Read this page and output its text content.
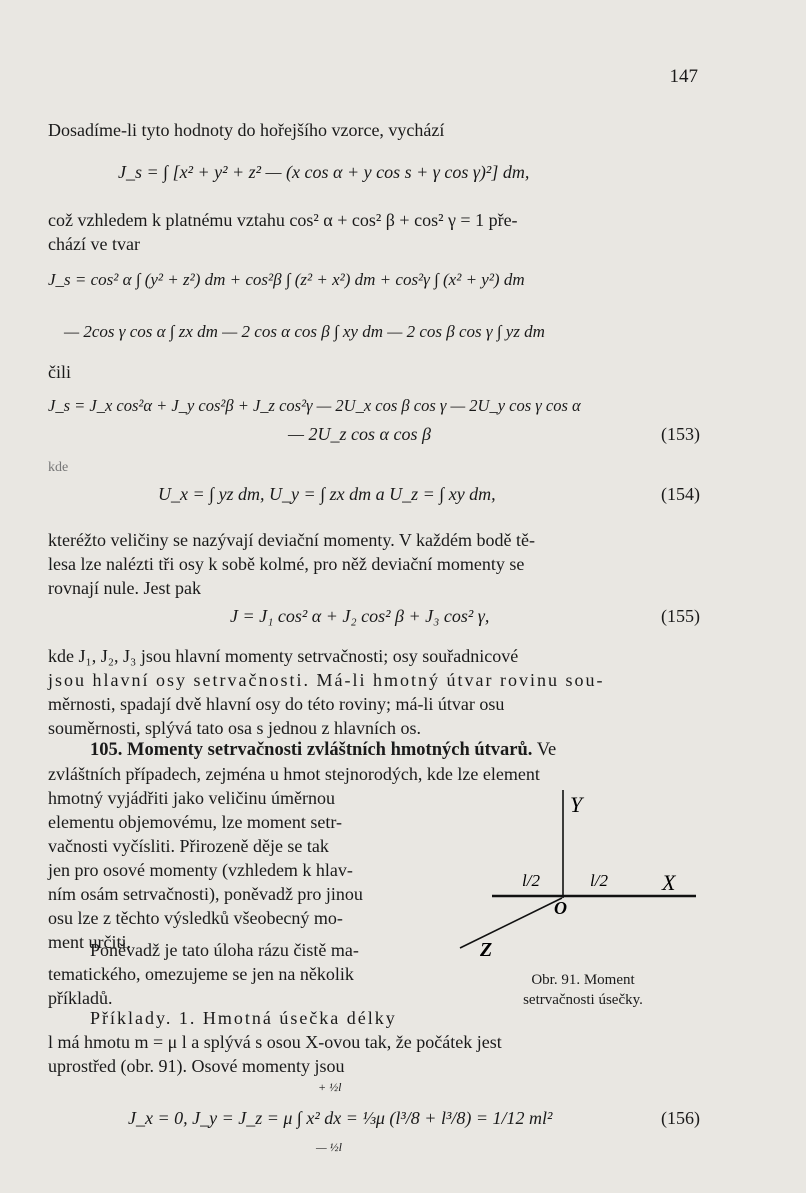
147

Dosadíme-li tyto hodnoty do hořejšího vzorce, vychází

J_s = ∫ [x² + y² + z² — (x cos α + y cos s + γ cos γ)²] dm,

což vzhledem k platnému vztahu cos² α + cos² β + cos² γ = 1 pře-
chází ve tvar

J_s = cos² α ∫ (y² + z²) dm + cos²β ∫ (z² + x²) dm + cos²γ ∫ (x² + y²) dm
— 2cos γ cos α ∫ zx dm — 2 cos α cos β ∫ xy dm — 2 cos β cos γ ∫ yz dm

čili

J_s = J_x cos²α + J_y cos²β + J_z cos²γ — 2U_x cos β cos γ — 2U_y cos γ cos α
— 2U_z cos α cos β	(153)
kde
U_x = ∫ yz dm, U_y = ∫ zx dm a U_z = ∫ xy dm,	(154)

kteréžto veličiny se nazývají deviační momenty. V každém bodě tě-
lesa lze nalézti tři osy k sobě kolmé, pro něž deviační momenty se
rovnají nule. Jest pak

J = J₁ cos² α + J₂ cos² β + J₃ cos² γ,	(155)

kde J₁, J₂, J₃ jsou hlavní momenty setrvačnosti; osy souřadnicové
jsou hlavní osy setrvačnosti. Má-li hmotný útvar rovinu sou-
měrnosti, spadají dvě hlavní osy do této roviny; má-li útvar osu
souměrnosti, splývá tato osa s jednou z hlavních os.

105. Momenty setrvačnosti zvláštních hmotných útvarů. Ve

zvláštních případech, zejména u hmot stejnorodých, kde lze element

hmotný vyjádřiti jako veličinu úměrnou
elementu objemovému, lze moment setr-
vačnosti vyčísliti. Přirozeně děje se tak
jen pro osové momenty (vzhledem k hlav-
ním osám setrvačnosti), poněvadž pro jinou
osu lze z těchto výsledků všeobecný mo-
ment určiti.

Poněvadž je tato úloha rázu čistě ma-
tematického, omezujeme se jen na několik
příkladů.

Příklady. 1. Hmotná úsečka délky

l má hmotu m = μ l a splývá s osou X-ovou tak, že počátek jest
uprostřed (obr. 91). Osové momenty jsou

+ ½l
J_x = 0, J_y = J_z = μ ∫ x² dx = ⅓μ (l³/8 + l³/8) = 1/12 ml²
— ½l
(156)
Y
X
Z
O
l/2	l/2
Obr. 91. Moment
setrvačnosti úsečky.
